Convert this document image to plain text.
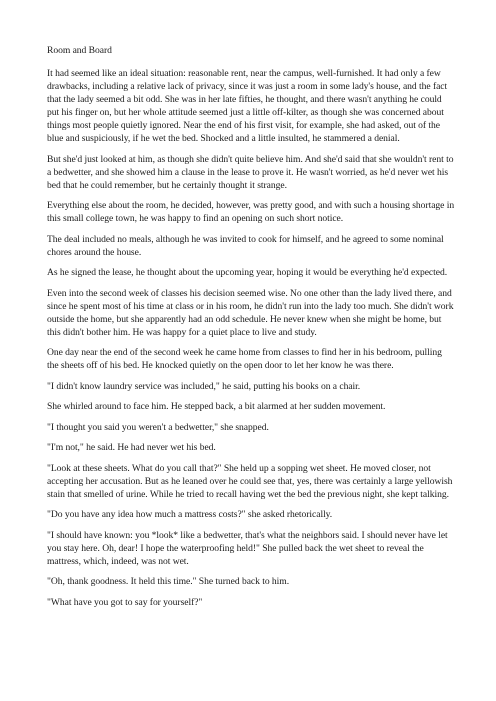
Room and Board

It had seemed like an ideal situation: reasonable rent, near the campus, well-furnished. It had only a few drawbacks, including a relative lack of privacy, since it was just a room in some lady's house, and the fact that the lady seemed a bit odd. She was in her late fifties, he thought, and there wasn't anything he could put his finger on, but her whole attitude seemed just a little off-kilter, as though she was concerned about things most people quietly ignored. Near the end of his first visit, for example, she had asked, out of the blue and suspiciously, if he wet the bed. Shocked and a little insulted, he stammered a denial.

But she'd just looked at him, as though she didn't quite believe him. And she'd said that she wouldn't rent to a bedwetter, and she showed him a clause in the lease to prove it. He wasn't worried, as he'd never wet his bed that he could remember, but he certainly thought it strange.

Everything else about the room, he decided, however, was pretty good, and with such a housing shortage in this small college town, he was happy to find an opening on such short notice.

The deal included no meals, although he was invited to cook for himself, and he agreed to some nominal chores around the house.

As he signed the lease, he thought about the upcoming year, hoping it would be everything he'd expected.

Even into the second week of classes his decision seemed wise. No one other than the lady lived there, and since he spent most of his time at class or in his room, he didn't run into the lady too much. She didn't work outside the home, but she apparently had an odd schedule. He never knew when she might be home, but this didn't bother him. He was happy for a quiet place to live and study.

One day near the end of the second week he came home from classes to find her in his bedroom, pulling the sheets off of his bed. He knocked quietly on the open door to let her know he was there.

"I didn't know laundry service was included," he said, putting his books on a chair.

She whirled around to face him. He stepped back, a bit alarmed at her sudden movement.

"I thought you said you weren't a bedwetter," she snapped.

"I'm not," he said. He had never wet his bed.

"Look at these sheets. What do you call that?" She held up a sopping wet sheet. He moved closer, not accepting her accusation. But as he leaned over he could see that, yes, there was certainly a large yellowish stain that smelled of urine. While he tried to recall having wet the bed the previous night, she kept talking.

"Do you have any idea how much a mattress costs?" she asked rhetorically.

"I should have known: you *look* like a bedwetter, that's what the neighbors said. I should never have let you stay here. Oh, dear! I hope the waterproofing held!" She pulled back the wet sheet to reveal the mattress, which, indeed, was not wet.

"Oh, thank goodness. It held this time." She turned back to him.

"What have you got to say for yourself?"
